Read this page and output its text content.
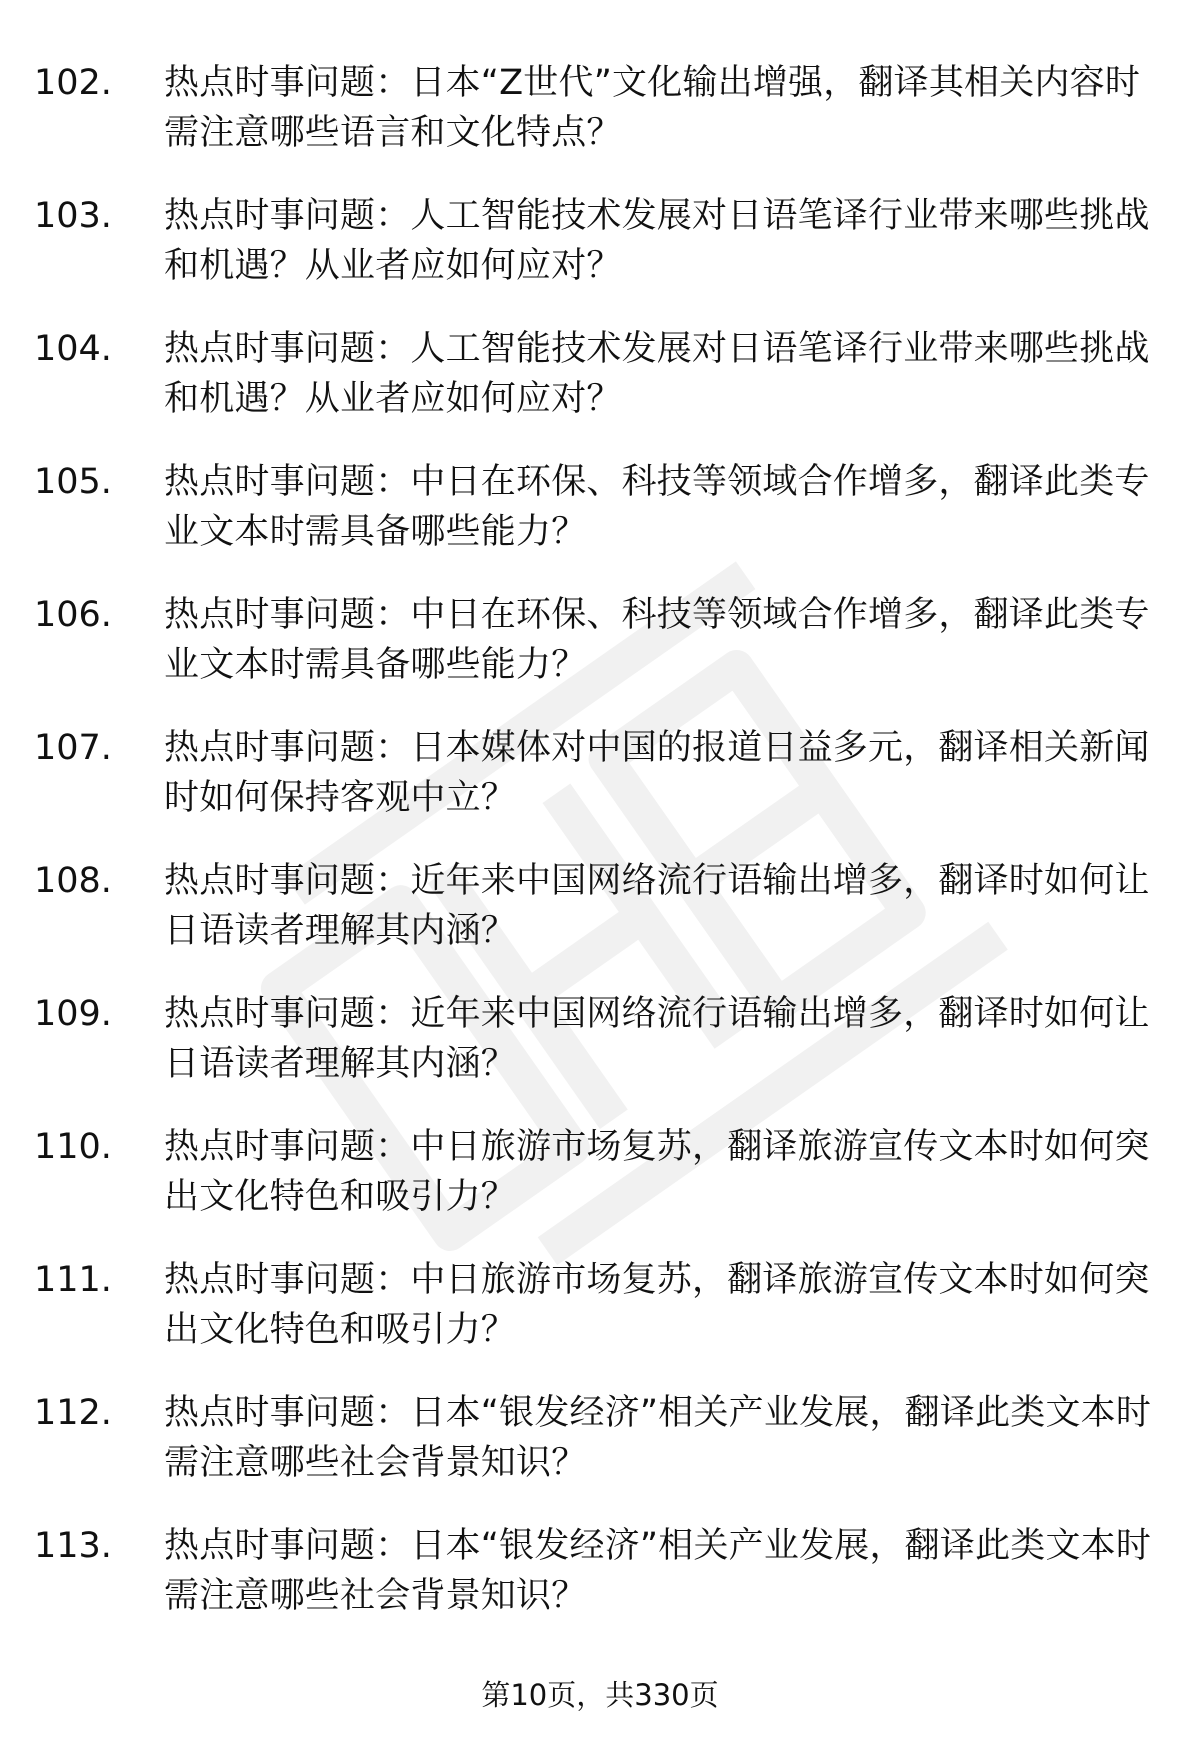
102.	热点时事问题：日本“Z世代”文化输出增强，翻译其相关内容时需注意哪些语言和文化特点？
103.	热点时事问题：人工智能技术发展对日语笔译行业带来哪些挑战和机遇？从业者应如何应对？
104.	热点时事问题：人工智能技术发展对日语笔译行业带来哪些挑战和机遇？从业者应如何应对？
105.	热点时事问题：中日在环保、科技等领域合作增多，翻译此类专业文本时需具备哪些能力？
106.	热点时事问题：中日在环保、科技等领域合作增多，翻译此类专业文本时需具备哪些能力？
107.	热点时事问题：日本媒体对中国的报道日益多元，翻译相关新闻时如何保持客观中立？
108.	热点时事问题：近年来中国网络流行语输出增多，翻译时如何让日语读者理解其内涵？
109.	热点时事问题：近年来中国网络流行语输出增多，翻译时如何让日语读者理解其内涵？
110.	热点时事问题：中日旅游市场复苏，翻译旅游宣传文本时如何突出文化特色和吸引力？
111.	热点时事问题：中日旅游市场复苏，翻译旅游宣传文本时如何突出文化特色和吸引力？
112.	热点时事问题：日本“银发经济”相关产业发展，翻译此类文本时需注意哪些社会背景知识？
113.	热点时事问题：日本“银发经济”相关产业发展，翻译此类文本时需注意哪些社会背景知识？
第10页，共330页
